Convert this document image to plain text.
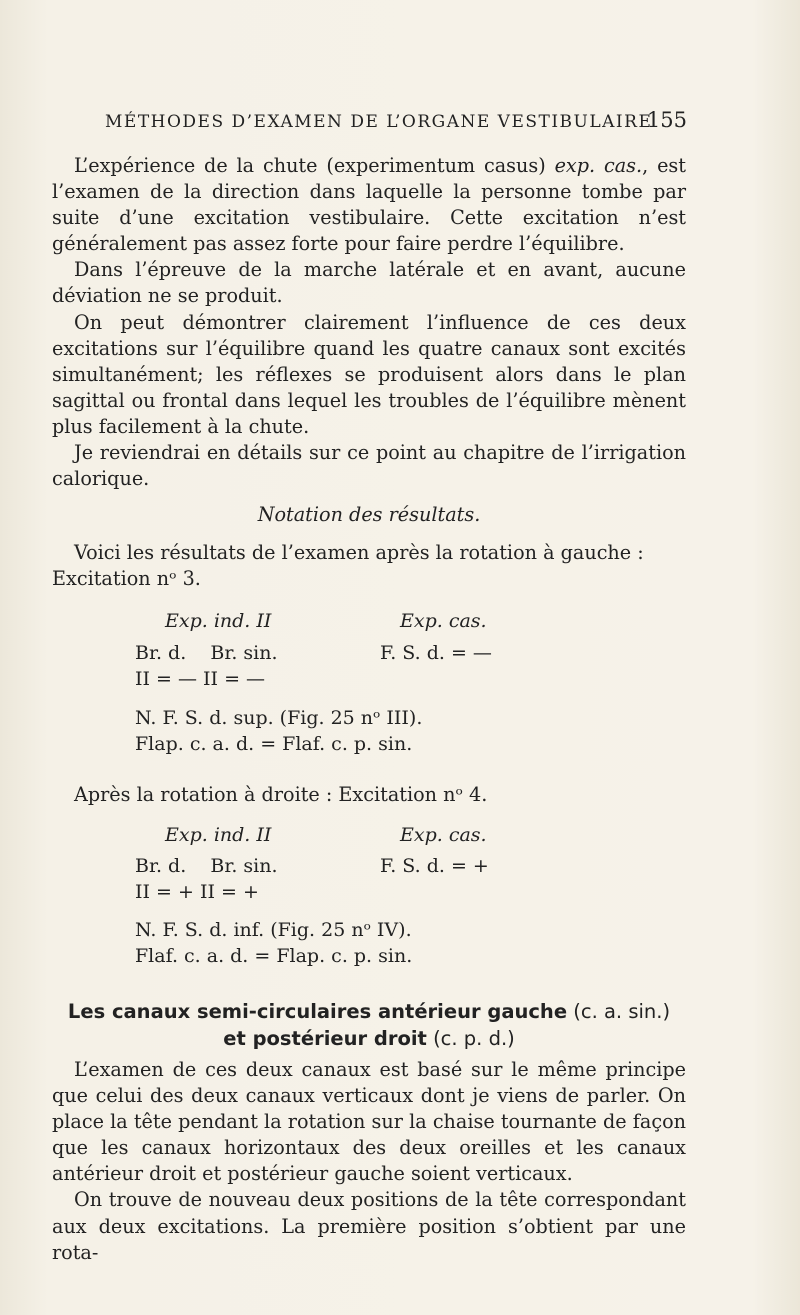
MÉTHODES D’EXAMEN DE L’ORGANE VESTIBULAIRE
155

L’expérience de la chute (experimentum casus) exp. cas., est l’examen de la direction dans laquelle la personne tombe par suite d’une excitation vestibulaire. Cette excitation n’est généralement pas assez forte pour faire perdre l’équilibre.

Dans l’épreuve de la marche latérale et en avant, aucune déviation ne se produit.

On peut démontrer clairement l’influence de ces deux excitations sur l’équilibre quand les quatre canaux sont excités simultanément; les réflexes se produisent alors dans le plan sagittal ou frontal dans lequel les troubles de l’équilibre mènent plus facilement à la chute.

Je reviendrai en détails sur ce point au chapitre de l’irrigation calorique.

Notation des résultats.

Voici les résultats de l’examen après la rotation à gauche :

Excitation nᵒ 3.

Exp. ind. II	Exp. cas.
Br. d.    Br. sin.	F. S. d. = —
II = — II = —
N. F. S. d. sup. (Fig. 25 nᵒ III).
Flap. c. a. d. = Flaf. c. p. sin.

Après la rotation à droite : Excitation nᵒ 4.

Exp. ind. II	Exp. cas.
Br. d.    Br. sin.	F. S. d. = +
II = + II = +
N. F. S. d. inf. (Fig. 25 nᵒ IV).
Flaf. c. a. d. = Flap. c. p. sin.
Les canaux semi-circulaires antérieur gauche (c. a. sin.)
et postérieur droit (c. p. d.)

L’examen de ces deux canaux est basé sur le même principe que celui des deux canaux verticaux dont je viens de parler. On place la tête pendant la rotation sur la chaise tournante de façon que les canaux horizontaux des deux oreilles et les canaux antérieur droit et postérieur gauche soient verticaux.

On trouve de nouveau deux positions de la tête correspondant aux deux excitations. La première position s’obtient par une rota-
